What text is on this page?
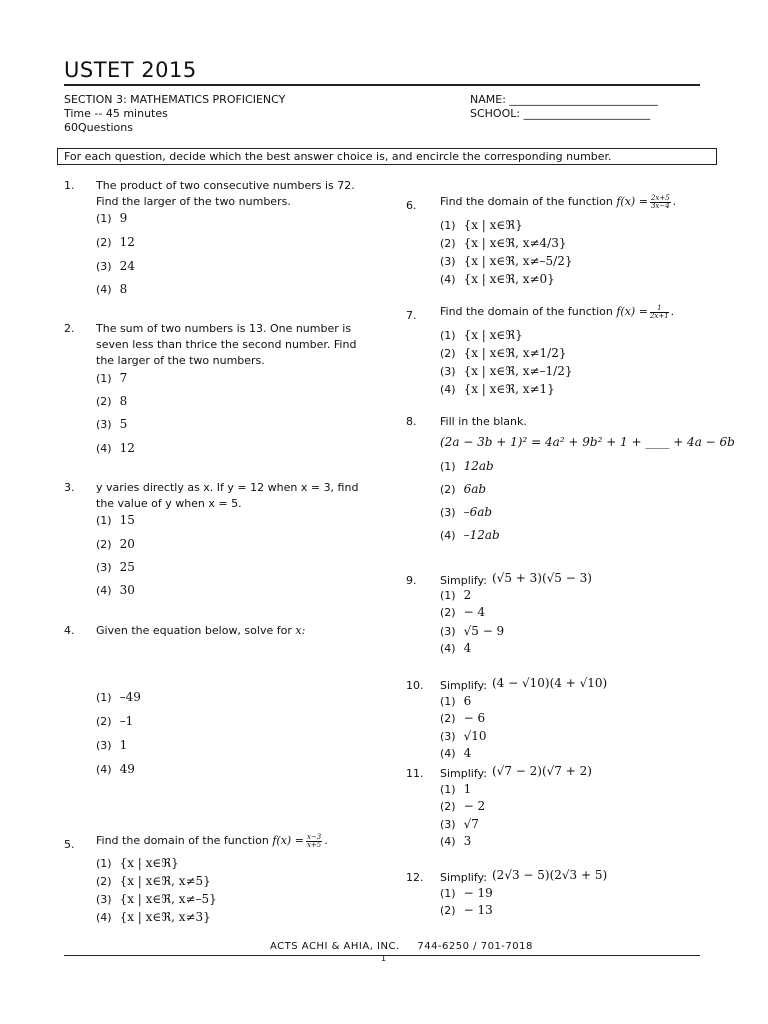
USTET 2015
SECTION 3: MATHEMATICS PROFICIENCY
Time -- 45 minutes
60Questions
NAME: ___________________________
SCHOOL: _______________________
For each question, decide which the best answer choice is, and encircle the corresponding number.
1. The product of two consecutive numbers is 72.
Find the larger of the two numbers.
(1) 9
(2) 12
(3) 24
(4) 8
2. The sum of two numbers is 13. One number is
seven less than thrice the second number. Find
the larger of the two numbers.
(1) 7
(2) 8
(3) 5
(4) 12
3. y varies directly as x. If y = 12 when x = 3, find
the value of y when x = 5.
(1) 15
(2) 20
(3) 25
(4) 30
4. Given the equation below, solve for x:
(1) –49
(2) –1
(3) 1
(4) 49
5. Find the domain of the function $f(x) = \frac{x-3}{x+5}$ .
(1) {x | x∈ℜ}
(2) {x | x∈ℜ, x≠5}
(3) {x | x∈ℜ, x≠–5}
(4) {x | x∈ℜ, x≠3}
6. Find the domain of the function $f(x) = \frac{2x+5}{3x-4}$ .
(1) {x | x∈ℜ}
(2) {x | x∈ℜ, x≠4/3}
(3) {x | x∈ℜ, x≠–5/2}
(4) {x | x∈ℜ, x≠0}
7. Find the domain of the function $f(x) = \frac{1}{2x+1}$ .
(1) {x | x∈ℜ}
(2) {x | x∈ℜ, x≠1/2}
(3) {x | x∈ℜ, x≠–1/2}
(4) {x | x∈ℜ, x≠1}
8. Fill in the blank.
(2a − 3b + 1)² = 4a² + 9b² + 1 + ____ + 4a − 6b
(1) 12ab
(2) 6ab
(3) –6ab
(4) –12ab
9. Simplify: (√5 + 3)(√5 − 3)
(1) 2
(2) − 4
(3) √5 − 9
(4) 4
10. Simplify: (4 − √10)(4 + √10)
(1) 6
(2) − 6
(3) √10
(4) 4
11. Simplify: (√7 − 2)(√7 + 2)
(1) 1
(2) − 2
(3) √7
(4) 3
12. Simplify: (2√3 − 5)(2√3 + 5)
(1) − 19
(2) − 13
ACTS ACHI & AHIA, INC. 744-6250 / 701-7018
1
